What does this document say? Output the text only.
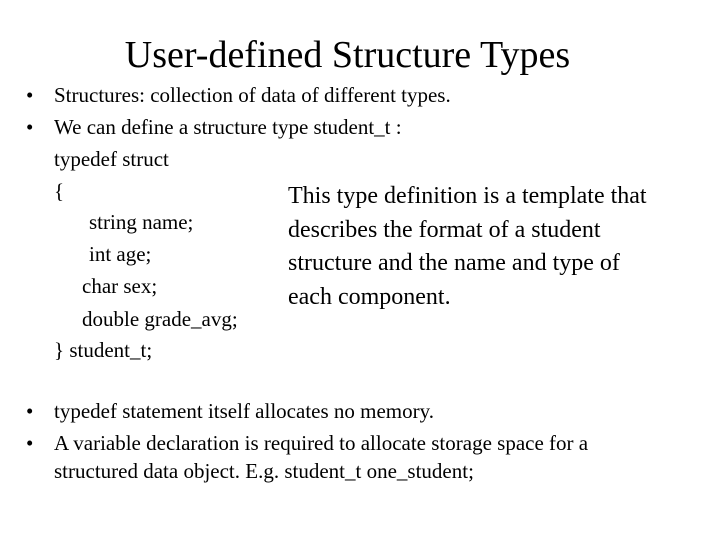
User-defined Structure Types
• Structures: collection of data of different types.
• We can define a structure type student_t :
typedef struct
{
string name;
int age;
char sex;
double grade_avg;
} student_t;
This type definition is a template that
describes the format of a student
structure and the name and type of
each component.
• typedef statement itself allocates no memory.
• A variable declaration is required to allocate storage space for a
structured data object. E.g. student_t one_student;
